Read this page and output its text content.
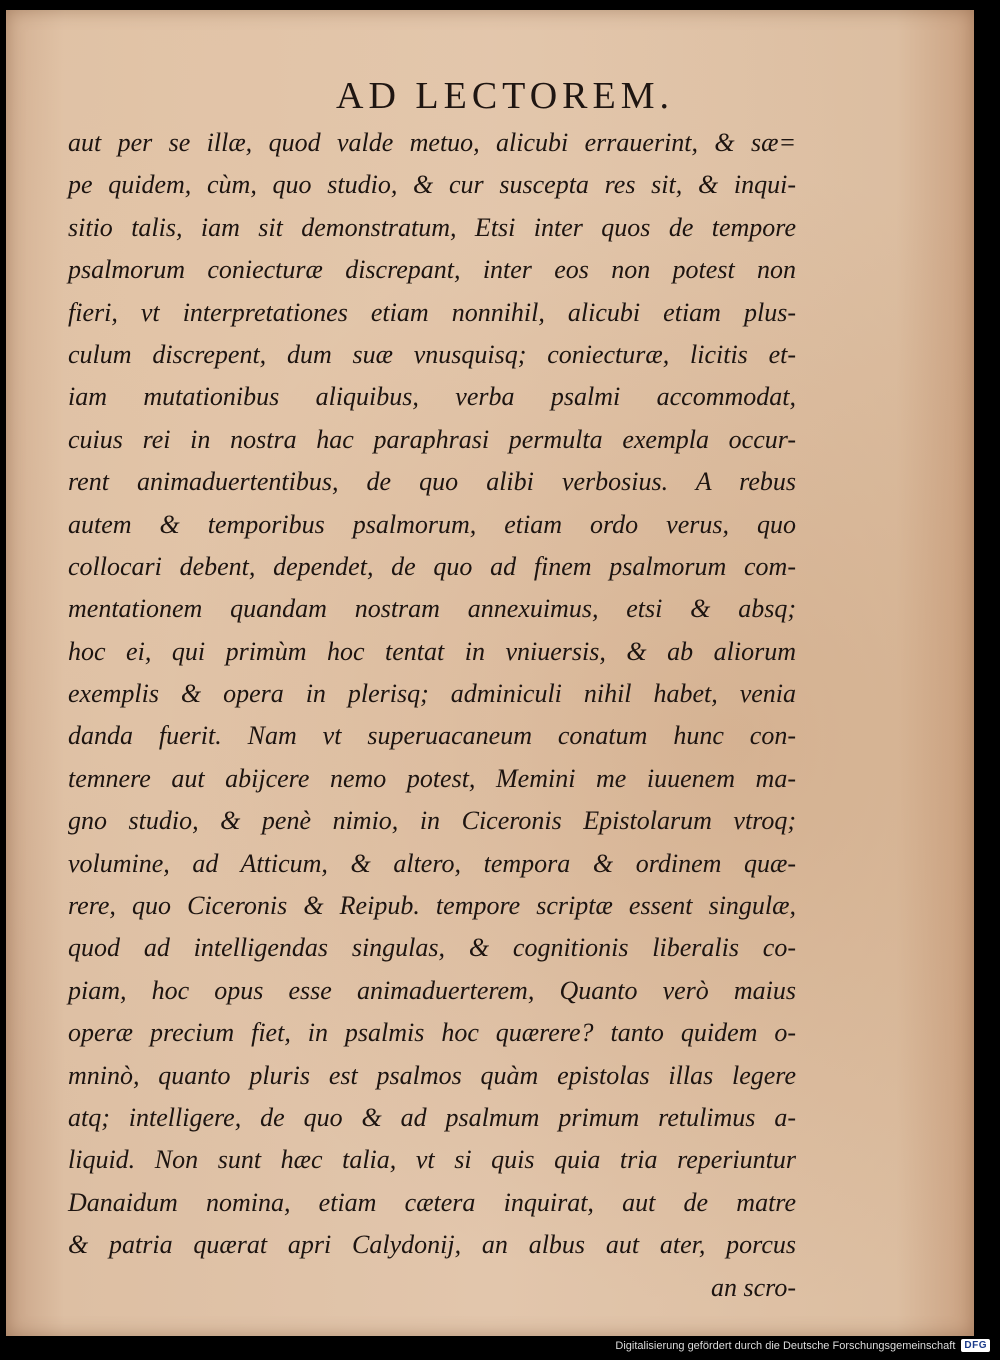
AD LECTOREM.
aut per se illæ, quod valde metuo, alicubi errauerint, & sæ=
pe quidem, cùm, quo studio, & cur suscepta res sit, & inqui-
sitio talis, iam sit demonstratum, Etsi inter quos de tempore
psalmorum coniecturæ discrepant, inter eos non potest non
fieri, vt interpretationes etiam nonnihil, alicubi etiam plus-
culum discrepent, dum suæ vnusquisq; coniecturæ, licitis et-
iam mutationibus aliquibus, verba psalmi accommodat,
cuius rei in nostra hac paraphrasi permulta exempla occur-
rent animaduertentibus, de quo alibi verbosius. A rebus
autem & temporibus psalmorum, etiam ordo verus, quo
collocari debent, dependet, de quo ad finem psalmorum com-
mentationem quandam nostram annexuimus, etsi & absq;
hoc ei, qui primùm hoc tentat in vniuersis, & ab aliorum
exemplis & opera in plerisq; adminiculi nihil habet, venia
danda fuerit. Nam vt superuacaneum conatum hunc con-
temnere aut abijcere nemo potest, Memini me iuuenem ma-
gno studio, & penè nimio, in Ciceronis Epistolarum vtroq;
volumine, ad Atticum, & altero, tempora & ordinem quæ-
rere, quo Ciceronis & Reipub. tempore scriptæ essent singulæ,
quod ad intelligendas singulas, & cognitionis liberalis co-
piam, hoc opus esse animaduerterem, Quanto verò maius
operæ precium fiet, in psalmis hoc quærere? tanto quidem o-
mninò, quanto pluris est psalmos quàm epistolas illas legere
atq; intelligere, de quo & ad psalmum primum retulimus a-
liquid. Non sunt hæc talia, vt si quis quia tria reperiuntur
Danaidum nomina, etiam cætera inquirat, aut de matre
& patria quærat apri Calydonij, an albus aut ater, porcus
an scro-
Digitalisierung gefördert durch die Deutsche Forschungsgemeinschaft DFG
